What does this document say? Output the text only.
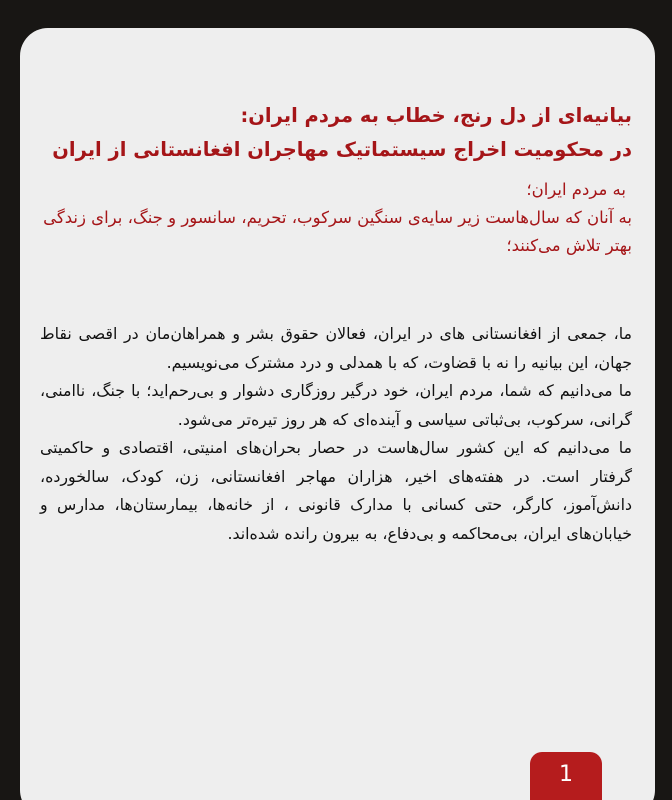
بیانیه‌ای از دل رنج، خطاب به مردم ایران:
در محکومیت اخراج سیستماتیک مهاجران افغانستانی از ایران
به مردم ایران؛
به آنان که سال‌هاست زیر سایه‌ی سنگین سرکوب، تحریم، سانسور و جنگ، برای زندگی بهتر تلاش می‌کنند؛

ما، جمعی از افغانستانی های در ایران، فعالان حقوق بشر و همراهان‌مان در اقصی نقاط جهان، این بیانیه را نه با قضاوت، که با همدلی و درد مشترک می‌نویسیم.

ما می‌دانیم که شما، مردم ایران، خود درگیر روزگاری دشوار و بی‌رحم‌اید؛ با جنگ، ناامنی، گرانی، سرکوب، بی‌ثباتی سیاسی و آینده‌ای که هر روز تیره‌تر می‌شود.

ما می‌دانیم که این کشور سال‌هاست در حصار بحران‌های امنیتی، اقتصادی و حاکمیتی گرفتار است. در هفته‌های اخیر، هزاران مهاجر افغانستانی، زن، کودک، سالخورده، دانش‌آموز، کارگر، حتی کسانی با مدارک قانونی ، از خانه‌ها، بیمارستان‌ها، مدارس و خیابان‌های ایران، بی‌محاکمه و بی‌دفاع، به بیرون رانده شده‌اند.

1
